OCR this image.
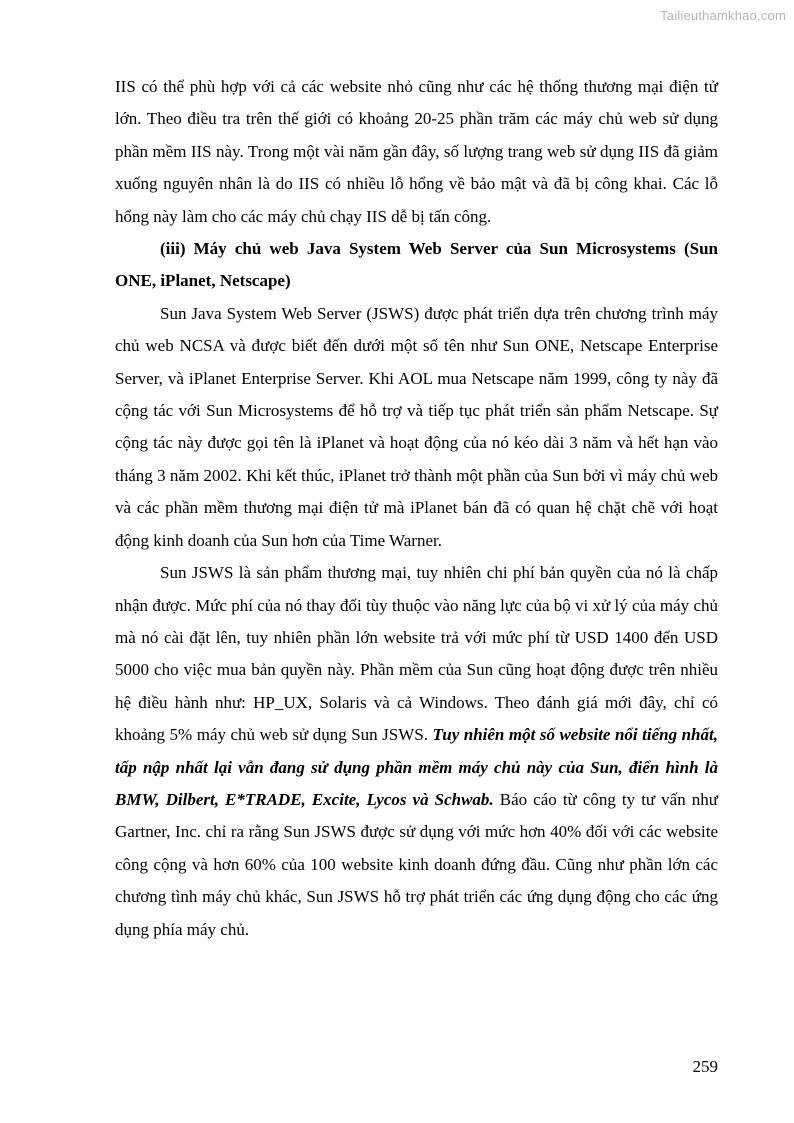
Tailieuthamkhao.com

IIS có thể phù hợp với cả các website nhỏ cũng như các hệ thống thương mại điện tử lớn. Theo điều tra trên thế giới có khoảng 20-25 phần trăm các máy chủ web sử dụng phần mềm IIS này. Trong một vài năm gần đây, số lượng trang web sử dụng IIS đã giảm xuống nguyên nhân là do IIS có nhiều lỗ hổng về bảo mật và đã bị công khai. Các lỗ hổng này làm cho các máy chủ chạy IIS dễ bị tấn công.

(iii) Máy chủ web Java System Web Server của Sun Microsystems (Sun ONE, iPlanet, Netscape)

Sun Java System Web Server (JSWS) được phát triển dựa trên chương trình máy chủ web NCSA và được biết đến dưới một số tên như Sun ONE, Netscape Enterprise Server, và iPlanet Enterprise Server. Khi AOL mua Netscape năm 1999, công ty này đã cộng tác với Sun Microsystems để hỗ trợ và tiếp tục phát triển sản phẩm Netscape. Sự cộng tác này được gọi tên là iPlanet và hoạt động của nó kéo dài 3 năm và hết hạn vào tháng 3 năm 2002. Khi kết thúc, iPlanet trở thành một phần của Sun bởi vì máy chủ web và các phần mềm thương mại điện tử mà iPlanet bán đã có quan hệ chặt chẽ với hoạt động kinh doanh của Sun hơn của Time Warner.

Sun JSWS là sản phẩm thương mại, tuy nhiên chi phí bản quyền của nó là chấp nhận được. Mức phí của nó thay đổi tùy thuộc vào năng lực của bộ vi xử lý của máy chủ mà nó cài đặt lên, tuy nhiên phần lớn website trả với mức phí từ USD 1400 đến USD 5000 cho việc mua bản quyền này. Phần mềm của Sun cũng hoạt động được trên nhiều hệ điều hành như: HP_UX, Solaris và cả Windows. Theo đánh giá mới đây, chỉ có khoảng 5% máy chủ web sử dụng Sun JSWS. Tuy nhiên một số website nổi tiếng nhất, tấp nập nhất lại vẫn đang sử dụng phần mềm máy chủ này của Sun, điển hình là BMW, Dilbert, E*TRADE, Excite, Lycos và Schwab. Báo cáo từ công ty tư vấn như Gartner, Inc. chỉ ra rằng Sun JSWS được sử dụng với mức hơn 40% đối với các website công cộng và hơn 60% của 100 website kinh doanh đứng đầu. Cũng như phần lớn các chương tình máy chủ khác, Sun JSWS hỗ trợ phát triển các ứng dụng động cho các ứng dụng phía máy chủ.

259
